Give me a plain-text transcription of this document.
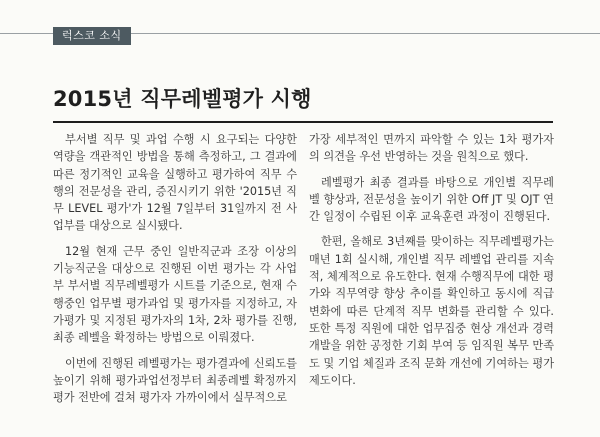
럭스코 소식
2015년 직무레벨평가 시행

부서별 직무 및 과업 수행 시 요구되는 다양한 역량을 객관적인 방법을 통해 측정하고, 그 결과에 따른 정기적인 교육을 실행하고 평가하여 직무 수행의 전문성을 관리, 증진시키기 위한 '2015년 직무 LEVEL 평가'가 12월 7일부터 31일까지 전 사업부를 대상으로 실시됐다.

12월 현재 근무 중인 일반직군과 조장 이상의 기능직군을 대상으로 진행된 이번 평가는 각 사업부 부서별 직무레벨평가 시트를 기준으로, 현재 수행중인 업무별 평가과업 및 평가자를 지정하고, 자가평가 및 지정된 평가자의 1차, 2차 평가를 진행, 최종 레벨을 확정하는 방법으로 이뤄졌다.

이번에 진행된 레벨평가는 평가결과에 신뢰도를 높이기 위해 평가과업선정부터 최종레벨 확정까지 평가 전반에 걸쳐 평가자 가까이에서 실무적으로

가장 세부적인 면까지 파악할 수 있는 1차 평가자의 의견을 우선 반영하는 것을 원칙으로 했다.

레벨평가 최종 결과를 바탕으로 개인별 직무레벨 향상과, 전문성을 높이기 위한 Off JT 및 OJT 연간 일정이 수립된 이후 교육훈련 과정이 진행된다.

한편, 올해로 3년째를 맞이하는 직무레벨평가는 매년 1회 실시해, 개인별 직무 레벨업 관리를 지속적, 체계적으로 유도한다. 현재 수행직무에 대한 평가와 직무역량 향상 추이를 확인하고 동시에 직급변화에 따른 단계적 직무 변화를 관리할 수 있다. 또한 특정 직원에 대한 업무집중 현상 개선과 경력개발을 위한 공정한 기회 부여 등 임직원 복무 만족도 및 기업 체질과 조직 문화 개선에 기여하는 평가제도이다.
